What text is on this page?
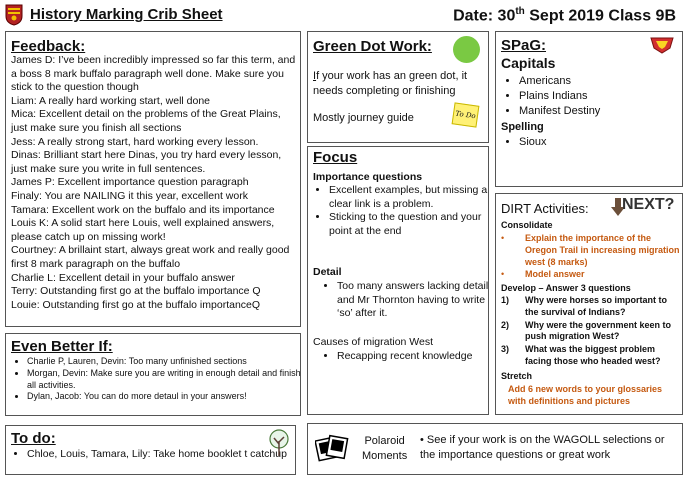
History Marking Crib Sheet	Date: 30th Sept 2019 Class 9B
Feedback:
James D: I’ve been incredibly impressed so far this term, and a boss 8 mark buffalo paragraph well done. Make sure you stick to the question though
Liam: A really hard working start, well done
Mica: Excellent detail on the problems of the Great Plains, just make sure you finish all sections
Jess: A really strong start, hard working every lesson.
Dinas: Brilliant start here Dinas, you try hard every lesson, just make sure you write in full sentences.
James P: Excellent importance question paragraph
Finaly: You are NAILING it this year, excellent work
Tamara: Excellent work on the buffalo and its importance
Louis K: A solid start here Louis, well explained answers, please catch up on missing work!
Courtney: A brillaint start, always great work and really good first 8 mark paragraph on the buffalo
Charlie L: Excellent detail in your buffalo answer
Terry: Outstanding first go at the buffalo importance Q
Louie: Outstanding first go at the buffalo importanceQ
Green Dot Work:
If your work has an green dot, it needs completing or finishing
Mostly journey guide	To Do
SPaG:
Capitals
• Americans
• Plains Indians
• Manifest Destiny
Spelling
• Sioux
Focus
Importance questions
• Excellent examples, but missing a clear link is a problem.
• Sticking to the question and your point at the end
Detail
• Too many answers lacking detail and Mr Thornton having to write ‘so’ after it.
Causes of migration West
• Recapping recent knowledge
DIRT Activities: NEXT?
Consolidate
•	Explain the importance of the Oregon Trail in increasing migration west (8 marks)
•	Model answer
Develop – Answer 3 questions
1)	Why were horses so important to the survival of Indians?
2)	Why were the government keen to push migration West?
3)	What was the biggest problem facing those who headed west?
Stretch
Add 6 new words to your glossaries with definitions and pictures
Even Better If:
• Charlie P, Lauren, Devin: Too many unfinished sections
• Morgan, Devin: Make sure you are writing in enough detail and finish all activities.
• Dylan, Jacob: You can do more detaul in your answers!
To do:
• Chloe, Louis, Tamara, Lily: Take home booklet t catchup
Polaroid
Moments
• See if your work is on the WAGOLL selections or the importance questions or great work
